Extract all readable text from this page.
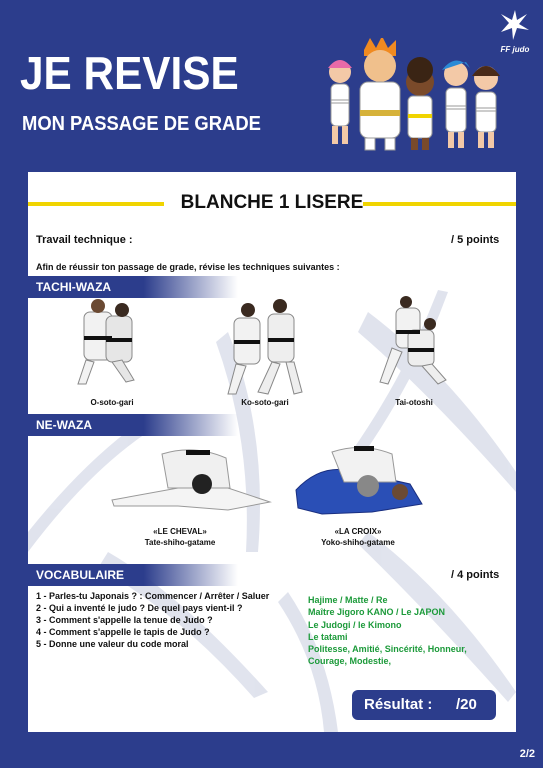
FF judo
JE REVISE
MON PASSAGE DE GRADE
BLANCHE 1 LISERE
Travail technique :	/ 5 points
Afin de réussir ton passage de grade, révise les techniques suivantes :
TACHI-WAZA
O-soto-gari	Ko-soto-gari	Tai-otoshi
NE-WAZA
«LE CHEVAL»
Tate-shiho-gatame
«LA CROIX»
Yoko-shiho-gatame
VOCABULAIRE	/ 4 points
1 - Parles-tu Japonais ? : Commencer / Arrêter / Saluer
2 - Qui a inventé le judo ? De quel pays vient-il ?
3 - Comment s'appelle la tenue de Judo ?
4 - Comment s'appelle le tapis de Judo ?
5 - Donne une valeur du code moral
Hajime / Matte / Re
Maître Jigoro KANO / Le JAPON
Le Judogi / le Kimono
Le tatami
Politesse, Amitié, Sincérité, Honneur, Courage, Modestie,
Résultat : /20
2/2
